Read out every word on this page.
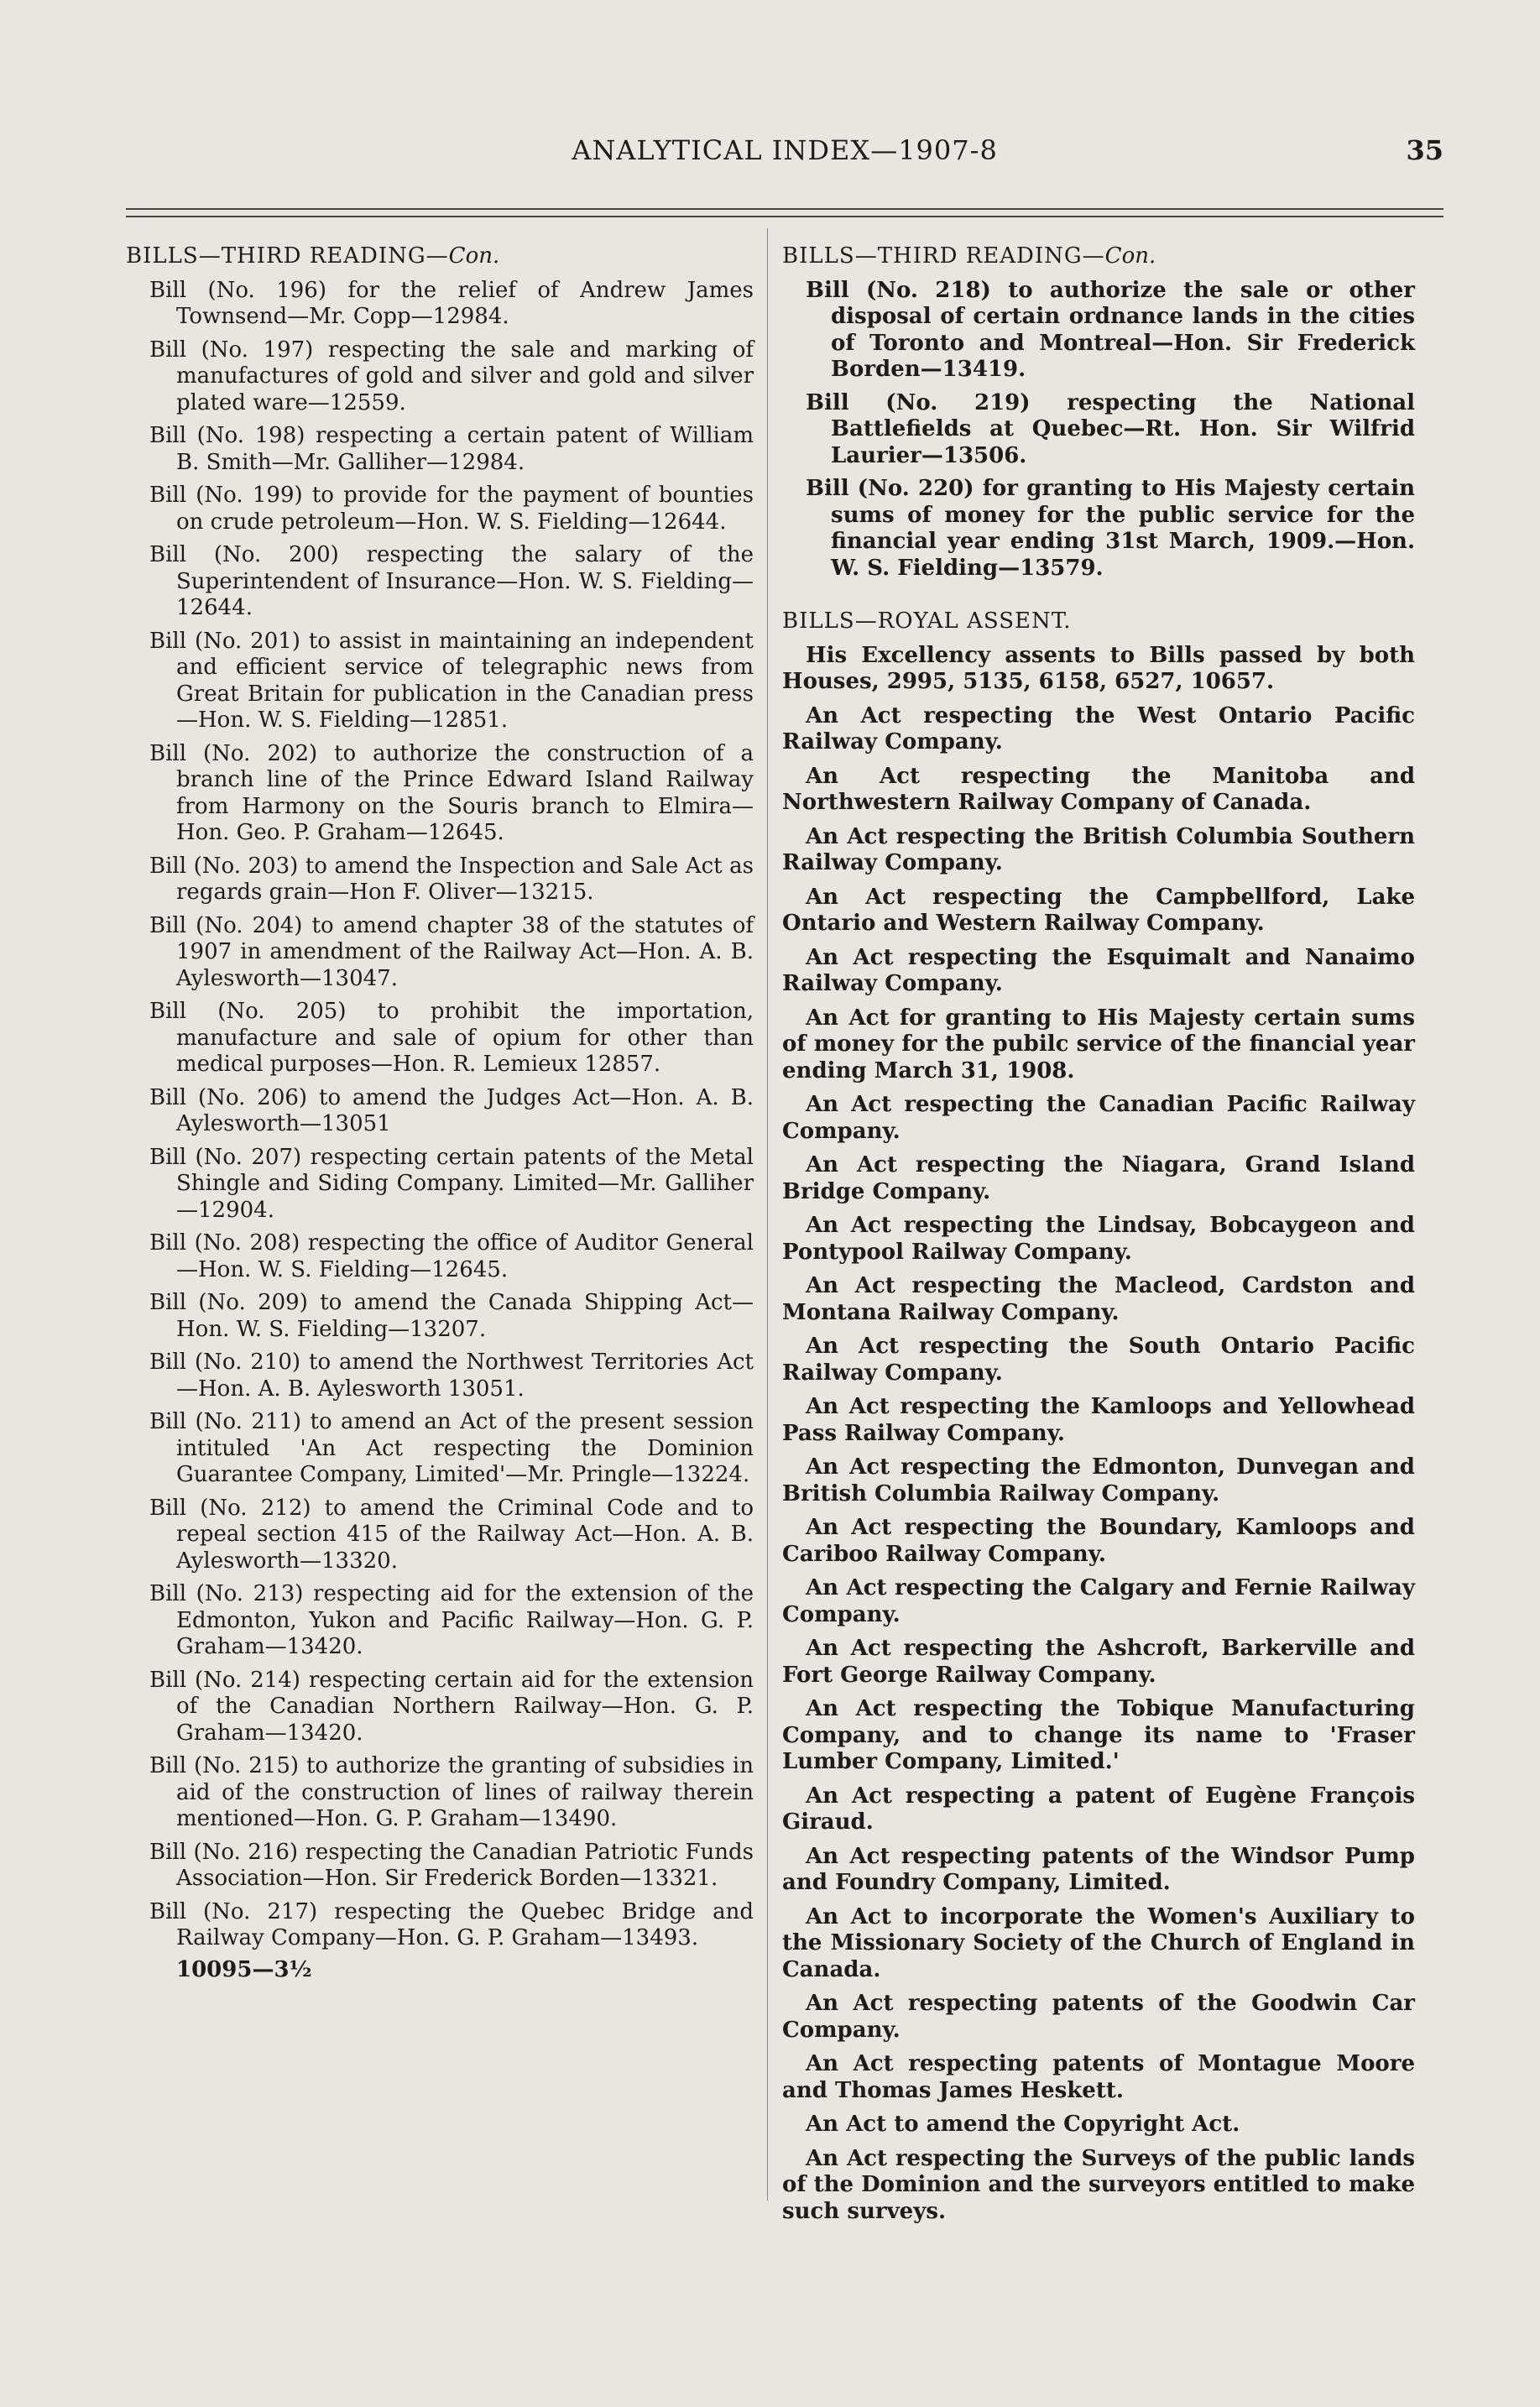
ANALYTICAL INDEX—1907-8	35
BILLS—THIRD READING—Con.
Bill (No. 196) for the relief of Andrew James Townsend—Mr. Copp—12984.
Bill (No. 197) respecting the sale and marking of manufactures of gold and silver and gold and silver plated ware—12559.
Bill (No. 198) respecting a certain patent of William B. Smith—Mr. Galliher—12984.
Bill (No. 199) to provide for the payment of bounties on crude petroleum—Hon. W. S. Fielding—12644.
Bill (No. 200) respecting the salary of the Superintendent of Insurance—Hon. W. S. Fielding—12644.
Bill (No. 201) to assist in maintaining an independent and efficient service of telegraphic news from Great Britain for publication in the Canadian press—Hon. W. S. Fielding—12851.
Bill (No. 202) to authorize the construction of a branch line of the Prince Edward Island Railway from Harmony on the Souris branch to Elmira—Hon. Geo. P. Graham—12645.
Bill (No. 203) to amend the Inspection and Sale Act as regards grain—Hon F. Oliver—13215.
Bill (No. 204) to amend chapter 38 of the statutes of 1907 in amendment of the Railway Act—Hon. A. B. Aylesworth—13047.
Bill (No. 205) to prohibit the importation, manufacture and sale of opium for other than medical purposes—Hon. R. Lemieux 12857.
Bill (No. 206) to amend the Judges Act—Hon. A. B. Aylesworth—13051
Bill (No. 207) respecting certain patents of the Metal Shingle and Siding Company. Limited—Mr. Galliher—12904.
Bill (No. 208) respecting the office of Auditor General—Hon. W. S. Fielding—12645.
Bill (No. 209) to amend the Canada Shipping Act—Hon. W. S. Fielding—13207.
Bill (No. 210) to amend the Northwest Territories Act—Hon. A. B. Aylesworth 13051.
Bill (No. 211) to amend an Act of the present session intituled 'An Act respecting the Dominion Guarantee Company, Limited'—Mr. Pringle—13224.
Bill (No. 212) to amend the Criminal Code and to repeal section 415 of the Railway Act—Hon. A. B. Aylesworth—13320.
Bill (No. 213) respecting aid for the extension of the Edmonton, Yukon and Pacific Railway—Hon. G. P. Graham—13420.
Bill (No. 214) respecting certain aid for the extension of the Canadian Northern Railway—Hon. G. P. Graham—13420.
Bill (No. 215) to authorize the granting of subsidies in aid of the construction of lines of railway therein mentioned—Hon. G. P. Graham—13490.
Bill (No. 216) respecting the Canadian Patriotic Funds Association—Hon. Sir Frederick Borden—13321.
Bill (No. 217) respecting the Quebec Bridge and Railway Company—Hon. G. P. Graham—13493.
10095—3½
BILLS—THIRD READING—Con.
Bill (No. 218) to authorize the sale or other disposal of certain ordnance lands in the cities of Toronto and Montreal—Hon. Sir Frederick Borden—13419.
Bill (No. 219) respecting the National Battlefields at Quebec—Rt. Hon. Sir Wilfrid Laurier—13506.
Bill (No. 220) for granting to His Majesty certain sums of money for the public service for the financial year ending 31st March, 1909.—Hon. W. S. Fielding—13579.
BILLS—ROYAL ASSENT.
His Excellency assents to Bills passed by both Houses, 2995, 5135, 6158, 6527, 10657.
An Act respecting the West Ontario Pacific Railway Company.
An Act respecting the Manitoba and Northwestern Railway Company of Canada.
An Act respecting the British Columbia Southern Railway Company.
An Act respecting the Campbellford, Lake Ontario and Western Railway Company.
An Act respecting the Esquimalt and Nanaimo Railway Company.
An Act for granting to His Majesty certain sums of money for the pubilc service of the financial year ending March 31, 1908.
An Act respecting the Canadian Pacific Railway Company.
An Act respecting the Niagara, Grand Island Bridge Company.
An Act respecting the Lindsay, Bobcaygeon and Pontypool Railway Company.
An Act respecting the Macleod, Cardston and Montana Railway Company.
An Act respecting the South Ontario Pacific Railway Company.
An Act respecting the Kamloops and Yellowhead Pass Railway Company.
An Act respecting the Edmonton, Dunvegan and British Columbia Railway Company.
An Act respecting the Boundary, Kamloops and Cariboo Railway Company.
An Act respecting the Calgary and Fernie Railway Company.
An Act respecting the Ashcroft, Barkerville and Fort George Railway Company.
An Act respecting the Tobique Manufacturing Company, and to change its name to 'Fraser Lumber Company, Limited.'
An Act respecting a patent of Eugène François Giraud.
An Act respecting patents of the Windsor Pump and Foundry Company, Limited.
An Act to incorporate the Women's Auxiliary to the Missionary Society of the Church of England in Canada.
An Act respecting patents of the Goodwin Car Company.
An Act respecting patents of Montague Moore and Thomas James Heskett.
An Act to amend the Copyright Act.
An Act respecting the Surveys of the public lands of the Dominion and the surveyors entitled to make such surveys.
